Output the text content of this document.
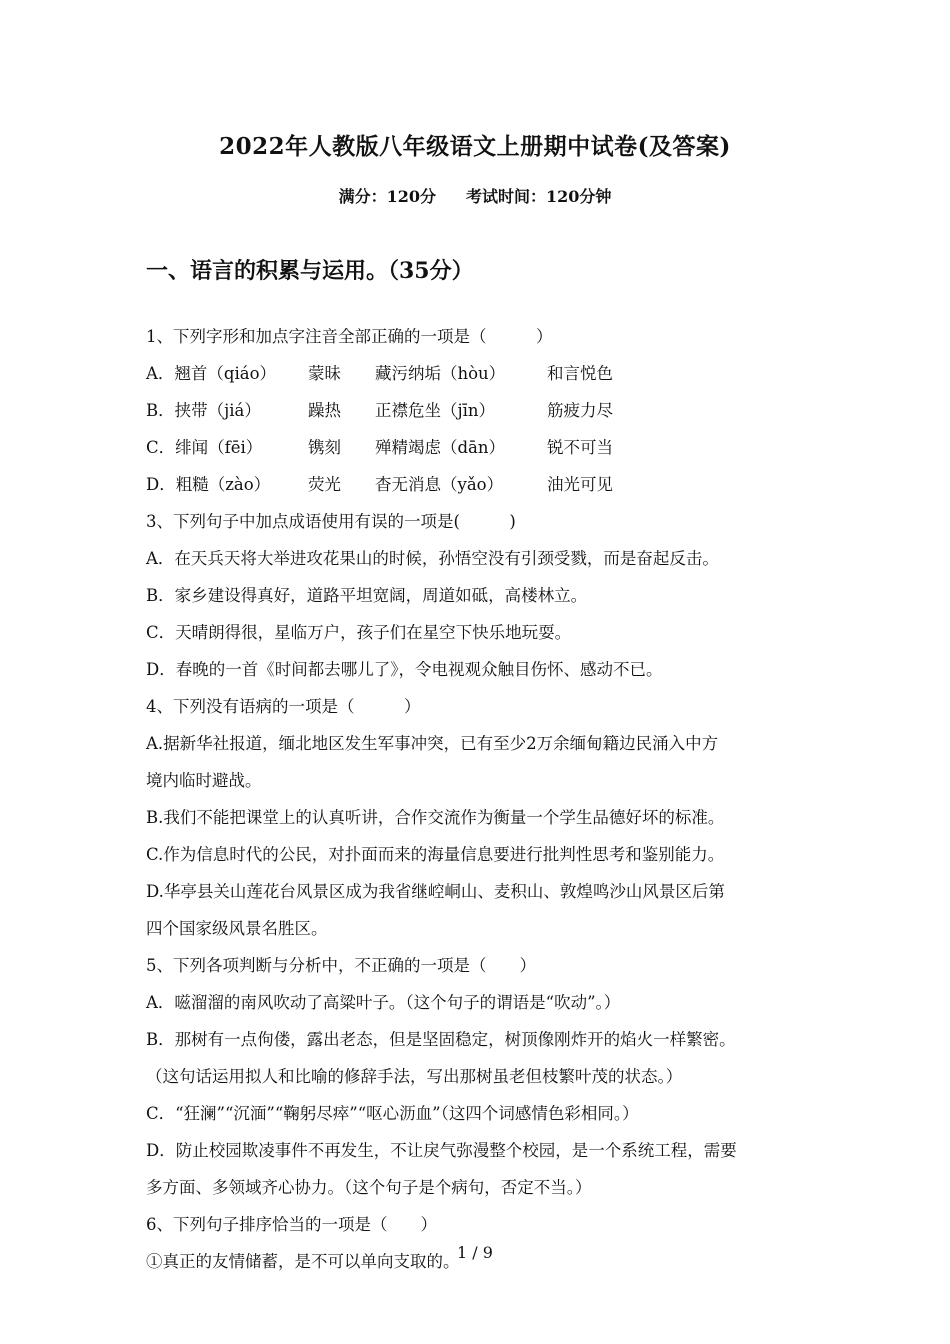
2022年人教版八年级语文上册期中试卷(及答案)
满分：120分 考试时间：120分钟
一、语言的积累与运用。（35分）
1、下列字形和加点字注音全部正确的一项是（　　　）
A．翘首（qiáo） 蒙昧 藏污纳垢（hòu）	和言悦色
B．挟带（jiá）	躁热 正襟危坐（jīn）	筋疲力尽
C．绯闻（fēi）	镌刻 殚精竭虑（dān）	锐不可当
D．粗糙（zào） 荧光 杳无消息（yǎo）	油光可见
3、下列句子中加点成语使用有误的一项是(　　　)
A．在天兵天将大举进攻花果山的时候，孙悟空没有引颈受戮，而是奋起反击。
B．家乡建设得真好，道路平坦宽阔，周道如砥，高楼林立。
C．天晴朗得很，星临万户，孩子们在星空下快乐地玩耍。
D．春晚的一首《时间都去哪儿了》，令电视观众触目伤怀、感动不已。
4、下列没有语病的一项是（　　　）
A.据新华社报道，缅北地区发生军事冲突，已有至少2万余缅甸籍边民涌入中方
境内临时避战。
B.我们不能把课堂上的认真听讲，合作交流作为衡量一个学生品德好坏的标准。
C.作为信息时代的公民，对扑面而来的海量信息要进行批判性思考和鉴别能力。
D.华亭县关山莲花台风景区成为我省继崆峒山、麦积山、敦煌鸣沙山风景区后第
四个国家级风景名胜区。
5、下列各项判断与分析中，不正确的一项是（　　）
A．嗞溜溜的南风吹动了高粱叶子。（这个句子的谓语是“吹动”。）
B．那树有一点佝偻，露出老态，但是坚固稳定，树顶像刚炸开的焰火一样繁密。
（这句话运用拟人和比喻的修辞手法，写出那树虽老但枝繁叶茂的状态。）
C．“狂澜”“沉湎”“鞠躬尽瘁”“呕心沥血”（这四个词感情色彩相同。）
D．防止校园欺凌事件不再发生，不让戾气弥漫整个校园，是一个系统工程，需要
多方面、多领域齐心协力。（这个句子是个病句，否定不当。）
6、下列句子排序恰当的一项是（　　）
①真正的友情储蓄，是不可以单向支取的。
1 / 9
